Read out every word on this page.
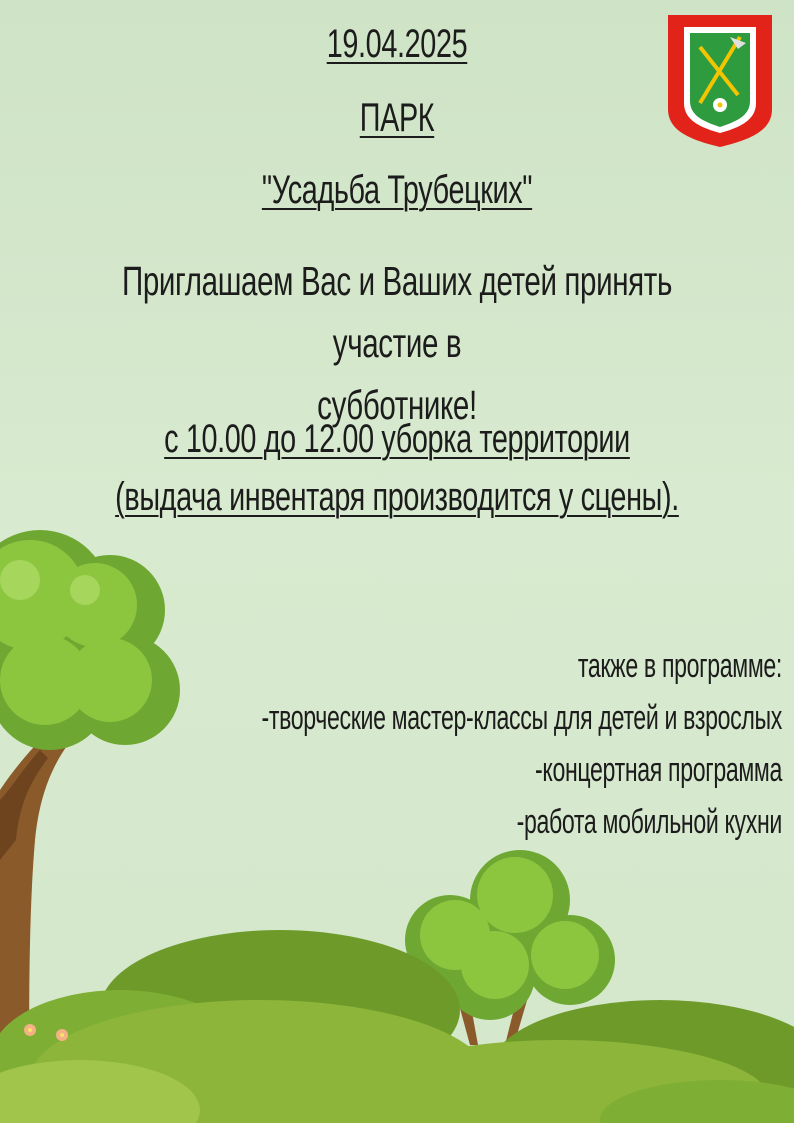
19.04.2025
ПАРК
"Усадьба Трубецких"
Приглашаем Вас и Ваших детей принять участие в
субботнике!
с 10.00 до 12.00 уборка территории
(выдача инвентаря производится у сцены).
также в программе:
-творческие мастер-классы для детей и взрослых
-концертная программа
-работа мобильной кухни
